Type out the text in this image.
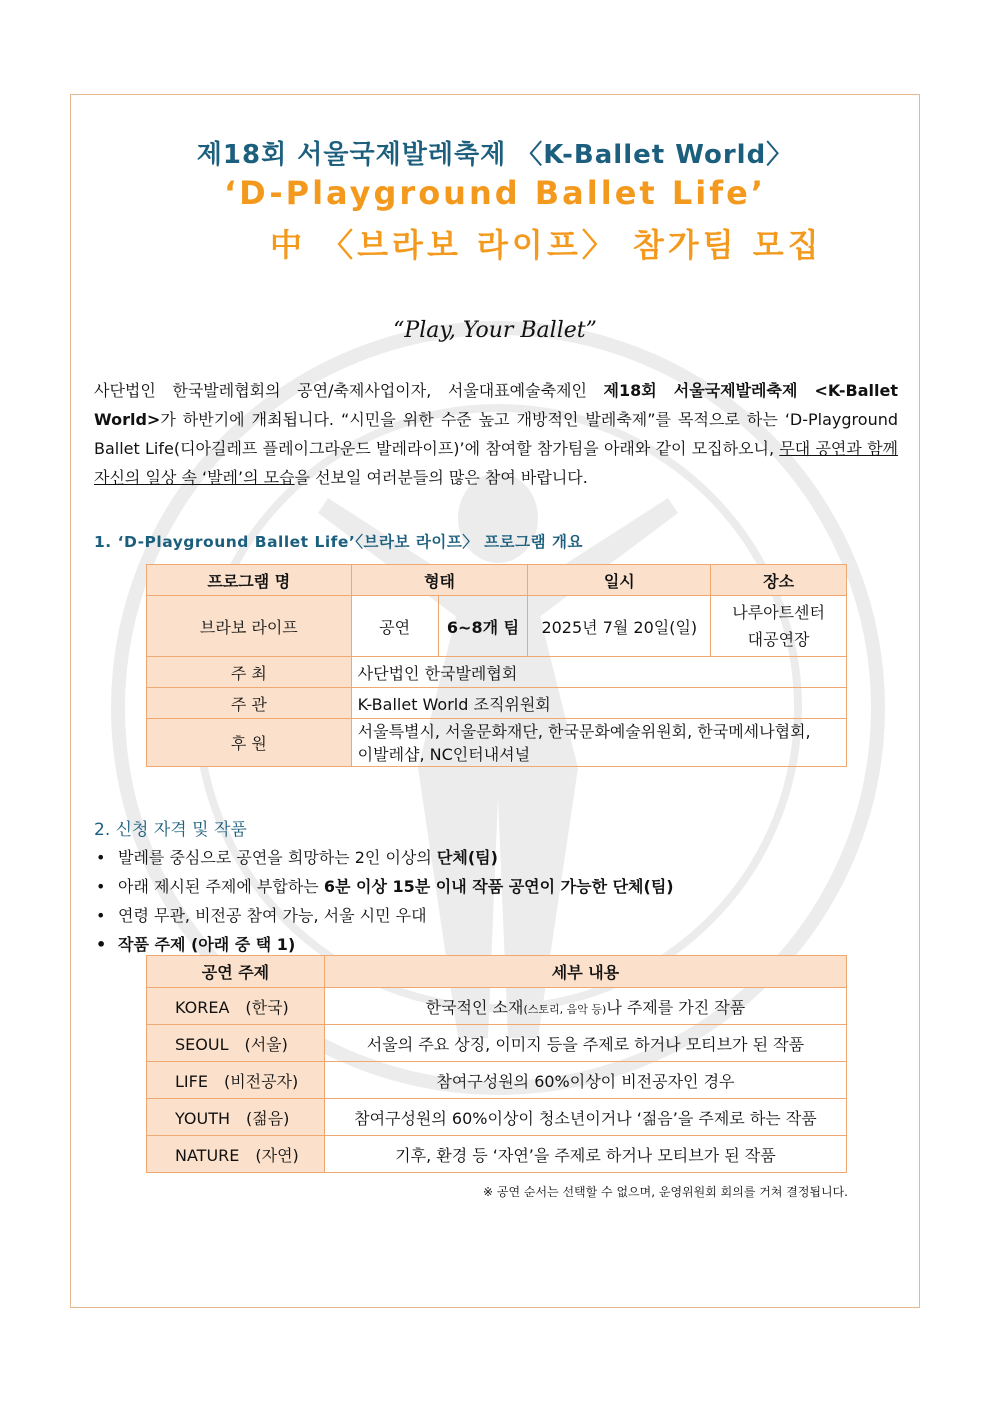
제18회 서울국제발레축제 〈K-Ballet World〉
‘D-Playground Ballet Life’
中 〈브라보 라이프〉 참가팀 모집
“Play, Your Ballet”
사단법인 한국발레협회의 공연/축제사업이자, 서울대표예술축제인 제18회 서울국제발레축제 <K-Ballet World>가 하반기에 개최됩니다. “시민을 위한 수준 높고 개방적인 발레축제”를 목적으로 하는 ‘D-Playground Ballet Life(디아길레프 플레이그라운드 발레라이프)’에 참여할 참가팀을 아래와 같이 모집하오니, 무대 공연과 함께 자신의 일상 속 ‘발레’의 모습을 선보일 여러분들의 많은 참여 바랍니다.
1. ‘D-Playground Ballet Life’〈브라보 라이프〉 프로그램 개요
프로그램 명	형태		일시	장소
브라보 라이프	공연	6~8개 팀	2025년 7월 20일(일)	나루아트센터
대공연장

주 최	사단법인 한국발레협회			
주 관	K-Ballet World 조직위원회			
후 원	서울특별시, 서울문화재단, 한국문화예술위원회, 한국메세나협회,
이발레샵, NC인터내셔널			
2. 신청 자격 및 작품
• 발레를 중심으로 공연을 희망하는 2인 이상의 단체(팀)
• 아래 제시된 주제에 부합하는 6분 이상 15분 이내 작품 공연이 가능한 단체(팀)
• 연령 무관, 비전공 참여 가능, 서울 시민 우대
• 작품 주제 (아래 중 택 1)
공연 주제	세부 내용
KOREA　(한국)	한국적인 소재(스토리, 음악 등)나 주제를 가진 작품
SEOUL　(서울)	서울의 주요 상징, 이미지 등을 주제로 하거나 모티브가 된 작품
LIFE　(비전공자)	참여구성원의 60%이상이 비전공자인 경우
YOUTH　(젊음)	참여구성원의 60%이상이 청소년이거나 ‘젊음’을 주제로 하는 작품
NATURE　(자연)	기후, 환경 등 ‘자연’을 주제로 하거나 모티브가 된 작품
※ 공연 순서는 선택할 수 없으며, 운영위원회 회의를 거쳐 결정됩니다.
